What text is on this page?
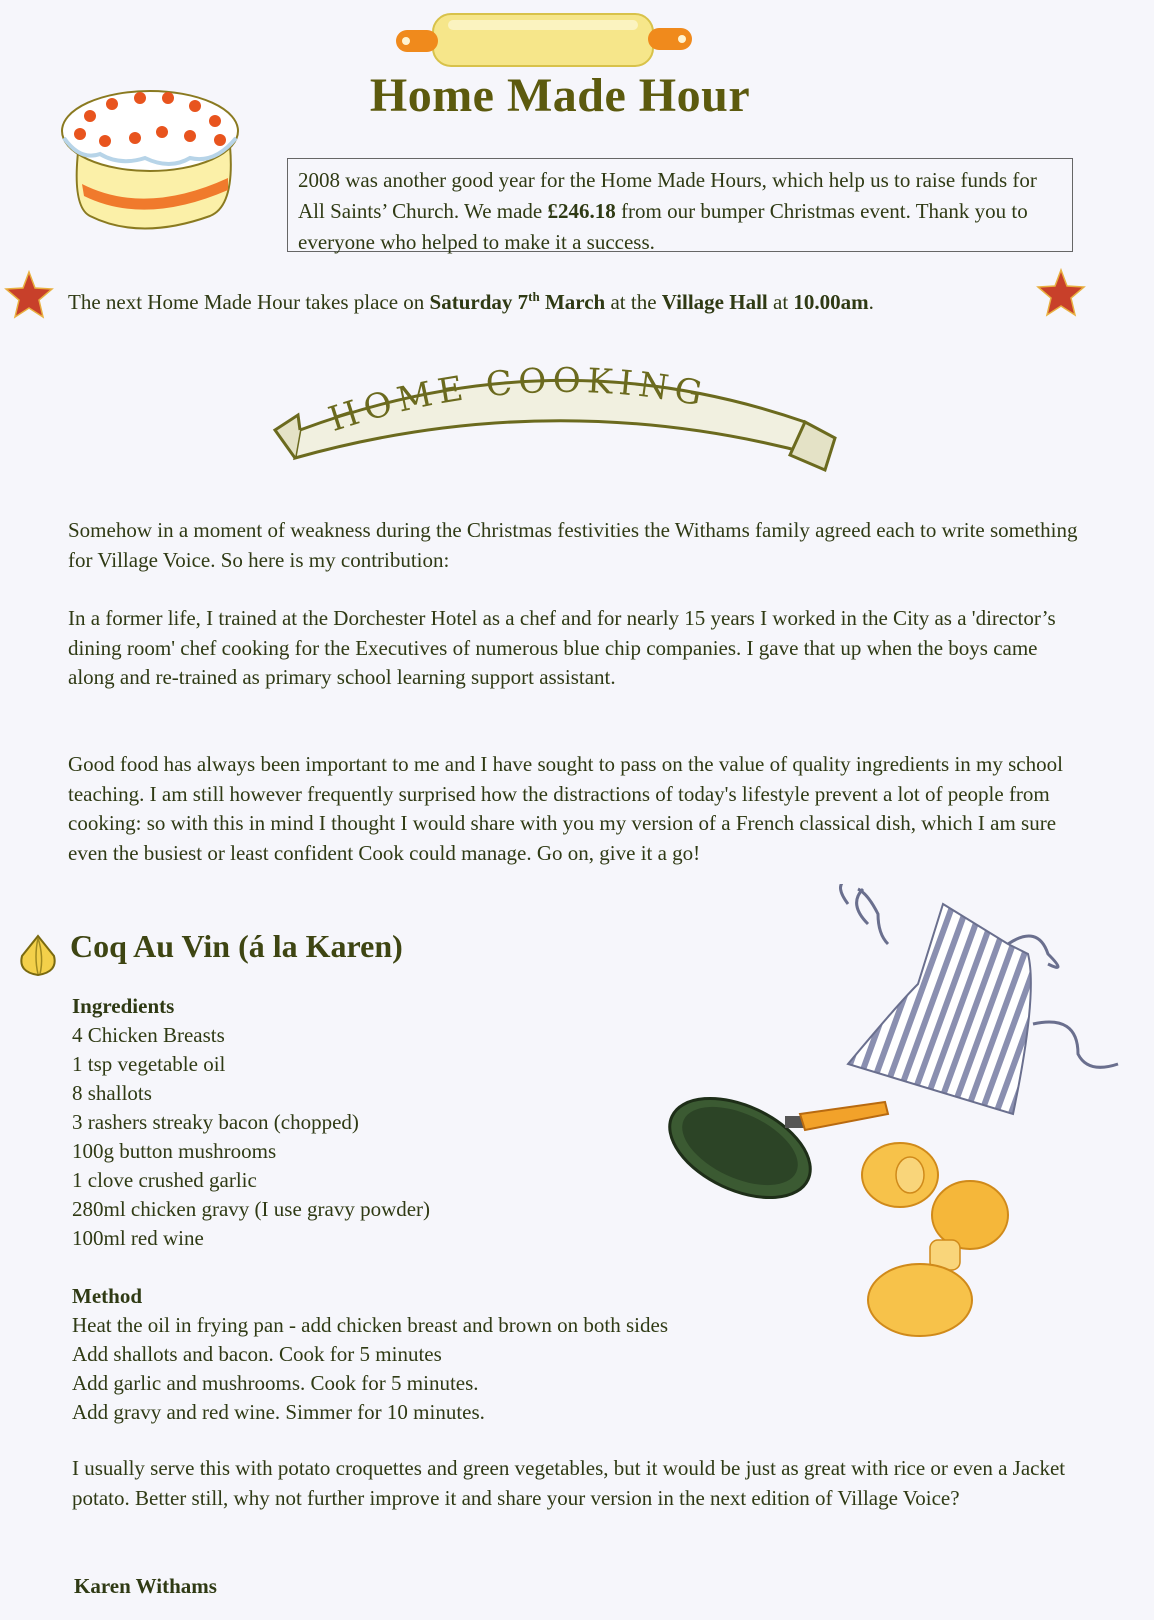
Home Made Hour
2008 was another good year for the Home Made Hours, which help us to raise funds for All Saints’ Church. We made £246.18 from our bumper Christmas event. Thank you to everyone who helped to make it a success.
The next Home Made Hour takes place on Saturday 7th March at the Village Hall at 10.00am.
HOME COOKING
Somehow in a moment of weakness during the Christmas festivities the Withams family agreed each to write something for Village Voice. So here is my contribution:
In a former life, I trained at the Dorchester Hotel as a chef and for nearly 15 years I worked in the City as a 'director’s dining room' chef cooking for the Executives of numerous blue chip companies. I gave that up when the boys came along and re-trained as primary school learning support assistant.
Good food has always been important to me and I have sought to pass on the value of quality ingredients in my school teaching. I am still however frequently surprised how the distractions of today's lifestyle prevent a lot of people from cooking: so with this in mind I thought I would share with you my version of a French classical dish, which I am sure even the busiest or least confident Cook could manage. Go on, give it a go!
Coq Au Vin (á la Karen)
Ingredients
4 Chicken Breasts
1 tsp vegetable oil
8 shallots
3 rashers streaky bacon (chopped)
100g button mushrooms
1 clove crushed garlic
280ml chicken gravy (I use gravy powder)
100ml red wine
Method
Heat the oil in frying pan - add chicken breast and brown on both sides
Add shallots and bacon. Cook for 5 minutes
Add garlic and mushrooms. Cook for 5 minutes.
Add gravy and red wine. Simmer for 10 minutes.
I usually serve this with potato croquettes and green vegetables, but it would be just as great with rice or even a Jacket potato. Better still, why not further improve it and share your version in the next edition of Village Voice?
Karen Withams
